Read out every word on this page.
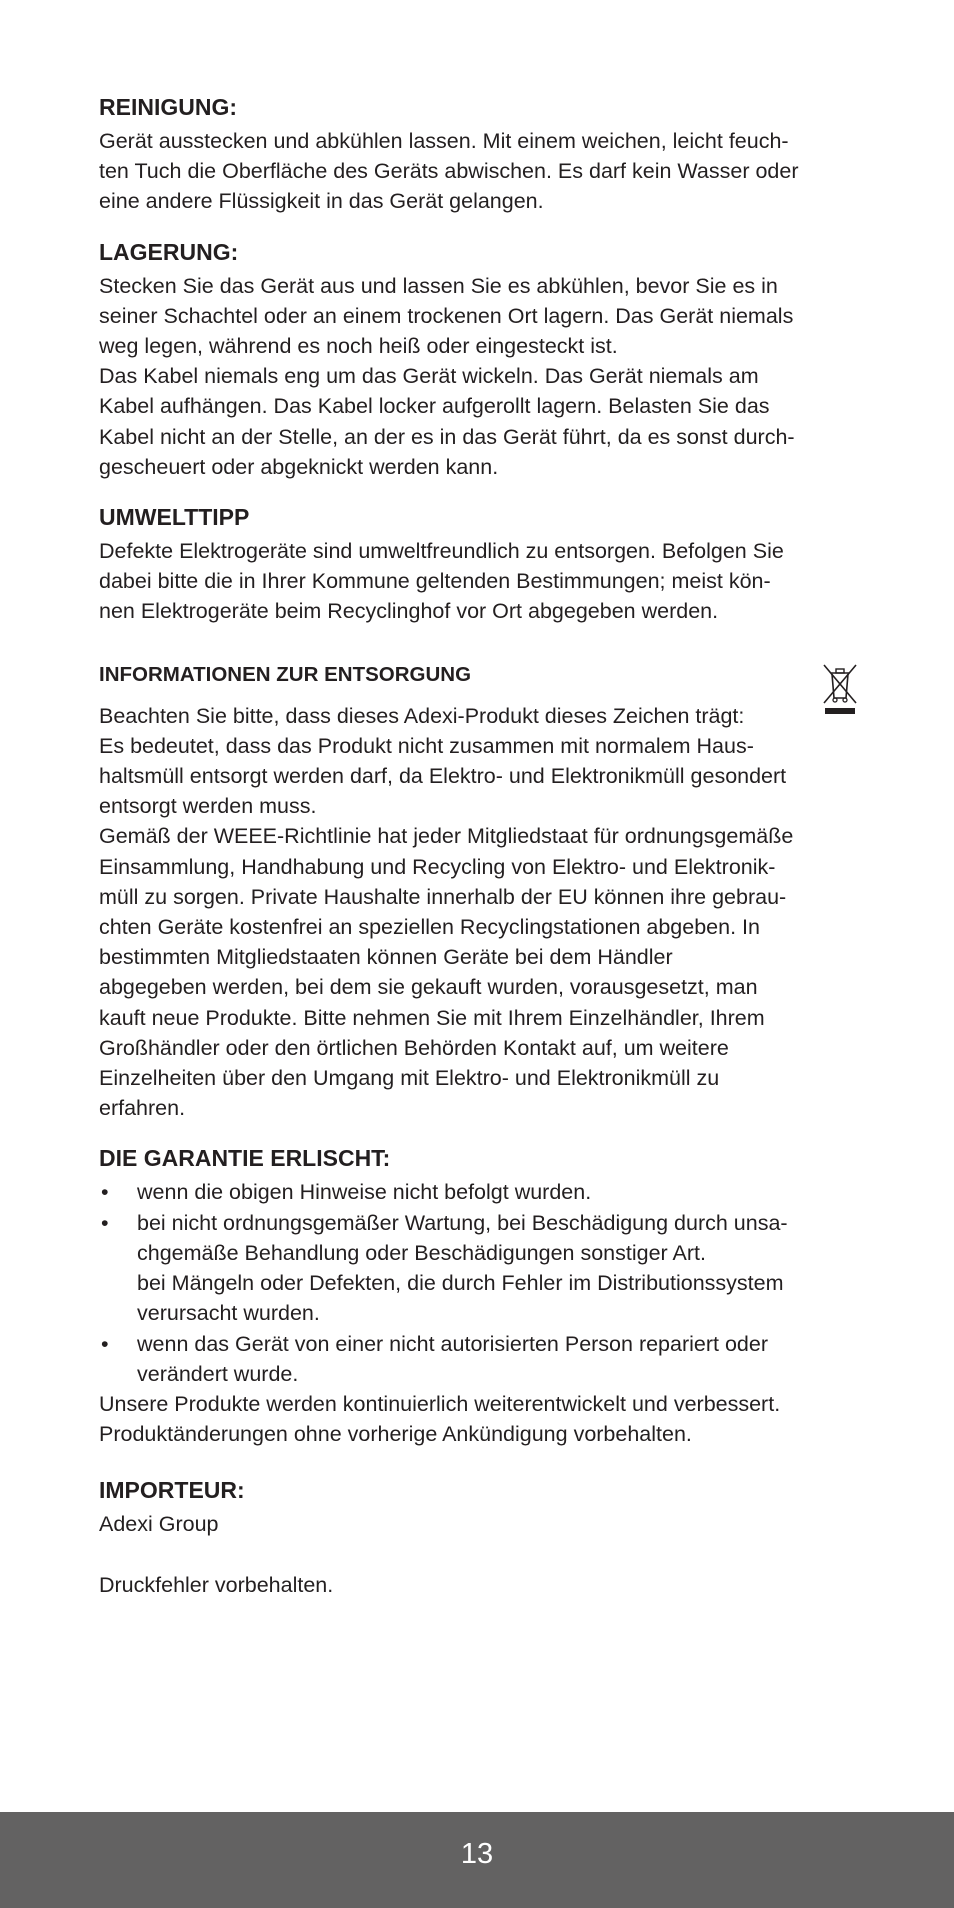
REINIGUNG:

Gerät ausstecken und abkühlen lassen. Mit einem weichen, leicht feuch-
ten Tuch die Oberfläche des Geräts abwischen. Es darf kein Wasser oder
eine andere Flüssigkeit in das Gerät gelangen.

LAGERUNG:

Stecken Sie das Gerät aus und lassen Sie es abkühlen, bevor Sie es in
seiner Schachtel oder an einem trockenen Ort lagern. Das Gerät niemals
weg legen, während es noch heiß oder eingesteckt ist.
Das Kabel niemals eng um das Gerät wickeln. Das Gerät niemals am
Kabel aufhängen. Das Kabel locker aufgerollt lagern. Belasten Sie das
Kabel nicht an der Stelle, an der es in das Gerät führt, da es sonst durch-
gescheuert oder abgeknickt werden kann.

UMWELTTIPP

Defekte Elektrogeräte sind umweltfreundlich zu entsorgen. Befolgen Sie
dabei bitte die in Ihrer Kommune geltenden Bestimmungen; meist kön-
nen Elektrogeräte beim Recyclinghof vor Ort abgegeben werden.

INFORMATIONEN ZUR ENTSORGUNG

Beachten Sie bitte, dass dieses Adexi-Produkt dieses Zeichen trägt:
Es bedeutet, dass das Produkt nicht zusammen mit normalem Haus-
haltsmüll entsorgt werden darf, da Elektro- und Elektronikmüll gesondert
entsorgt werden muss.
Gemäß der WEEE-Richtlinie hat jeder Mitgliedstaat für ordnungsgemäße
Einsammlung, Handhabung und Recycling von Elektro- und Elektronik-
müll zu sorgen. Private Haushalte innerhalb der EU können ihre gebrau-
chten Geräte kostenfrei an speziellen Recyclingstationen abgeben. In
bestimmten Mitgliedstaaten können Geräte bei dem Händler
abgegeben werden, bei dem sie gekauft wurden, vorausgesetzt, man
kauft neue Produkte. Bitte nehmen Sie mit Ihrem Einzelhändler, Ihrem
Großhändler oder den örtlichen Behörden Kontakt auf, um weitere
Einzelheiten über den Umgang mit Elektro- und Elektronikmüll zu
erfahren.

DIE GARANTIE ERLISCHT:
• wenn die obigen Hinweise nicht befolgt wurden.
• bei nicht ordnungsgemäßer Wartung, bei Beschädigung durch unsa-
chgemäße Behandlung oder Beschädigungen sonstiger Art.
bei Mängeln oder Defekten, die durch Fehler im Distributionssystem
verursacht wurden.
• wenn das Gerät von einer nicht autorisierten Person repariert oder
verändert wurde.

Unsere Produkte werden kontinuierlich weiterentwickelt und verbessert.
Produktänderungen ohne vorherige Ankündigung vorbehalten.

IMPORTEUR:

Adexi Group

Druckfehler vorbehalten.

13
